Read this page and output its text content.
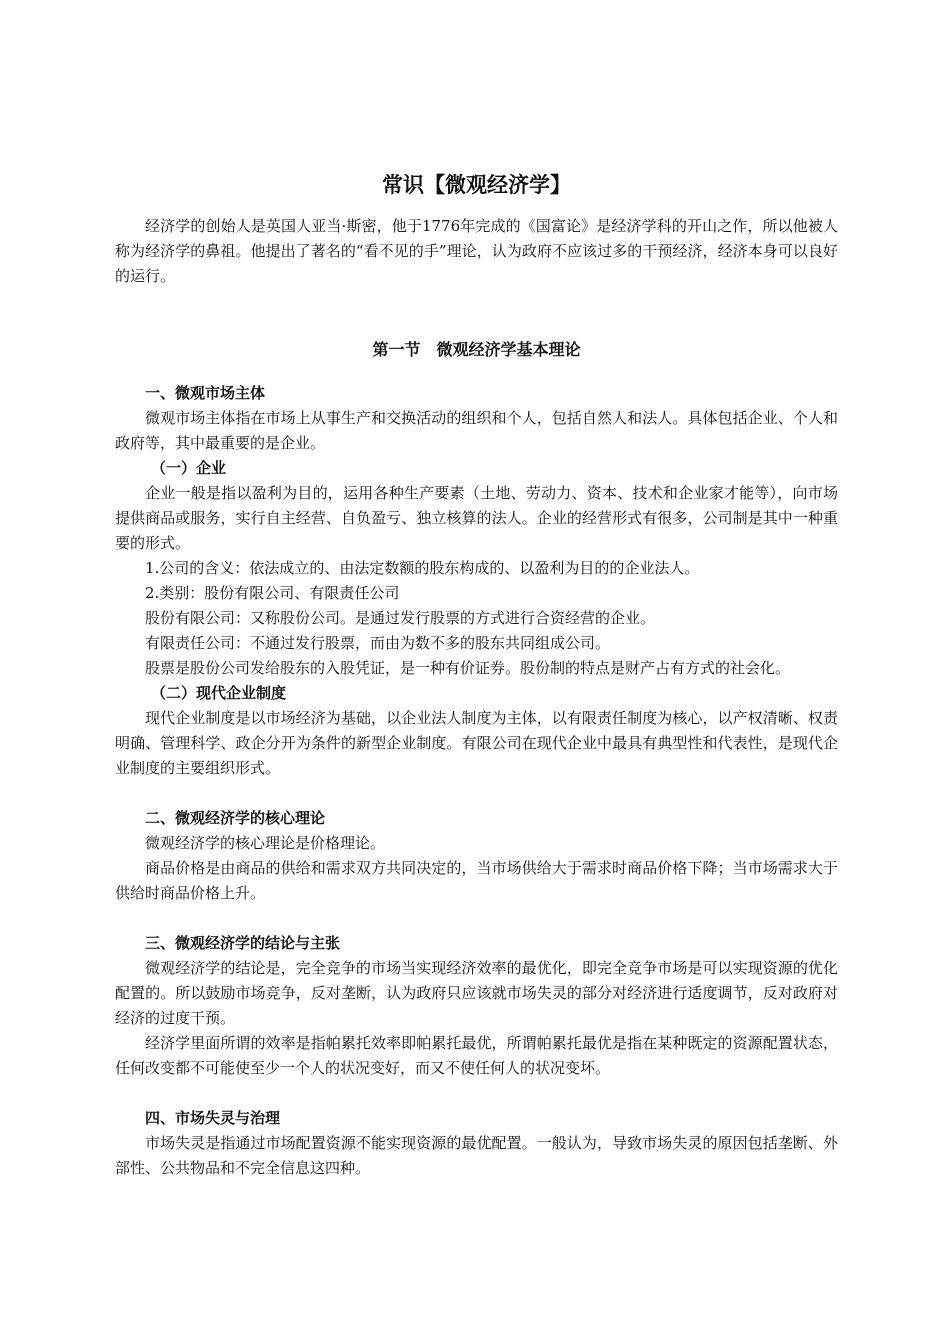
常识【微观经济学】

经济学的创始人是英国人亚当·斯密，他于1776年完成的《国富论》是经济学科的开山之作，所以他被人称为经济学的鼻祖。他提出了著名的“看不见的手”理论，认为政府不应该过多的干预经济，经济本身可以良好的运行。

第一节　微观经济学基本理论
一、微观市场主体

微观市场主体指在市场上从事生产和交换活动的组织和个人，包括自然人和法人。具体包括企业、个人和政府等，其中最重要的是企业。

（一）企业

企业一般是指以盈利为目的，运用各种生产要素（土地、劳动力、资本、技术和企业家才能等），向市场提供商品或服务，实行自主经营、自负盈亏、独立核算的法人。企业的经营形式有很多，公司制是其中一种重要的形式。

1.公司的含义：依法成立的、由法定数额的股东构成的、以盈利为目的的企业法人。

2.类别：股份有限公司、有限责任公司

股份有限公司：又称股份公司。是通过发行股票的方式进行合资经营的企业。

有限责任公司：不通过发行股票，而由为数不多的股东共同组成公司。

股票是股份公司发给股东的入股凭证，是一种有价证券。股份制的特点是财产占有方式的社会化。

（二）现代企业制度

现代企业制度是以市场经济为基础，以企业法人制度为主体，以有限责任制度为核心，以产权清晰、权责明确、管理科学、政企分开为条件的新型企业制度。有限公司在现代企业中最具有典型性和代表性，是现代企业制度的主要组织形式。

二、微观经济学的核心理论

微观经济学的核心理论是价格理论。

商品价格是由商品的供给和需求双方共同决定的，当市场供给大于需求时商品价格下降；当市场需求大于供给时商品价格上升。

三、微观经济学的结论与主张

微观经济学的结论是，完全竞争的市场当实现经济效率的最优化，即完全竞争市场是可以实现资源的优化配置的。所以鼓励市场竞争，反对垄断，认为政府只应该就市场失灵的部分对经济进行适度调节，反对政府对经济的过度干预。

经济学里面所谓的效率是指帕累托效率即帕累托最优，所谓帕累托最优是指在某种既定的资源配置状态，任何改变都不可能使至少一个人的状况变好，而又不使任何人的状况变坏。

四、市场失灵与治理

市场失灵是指通过市场配置资源不能实现资源的最优配置。一般认为，导致市场失灵的原因包括垄断、外部性、公共物品和不完全信息这四种。
